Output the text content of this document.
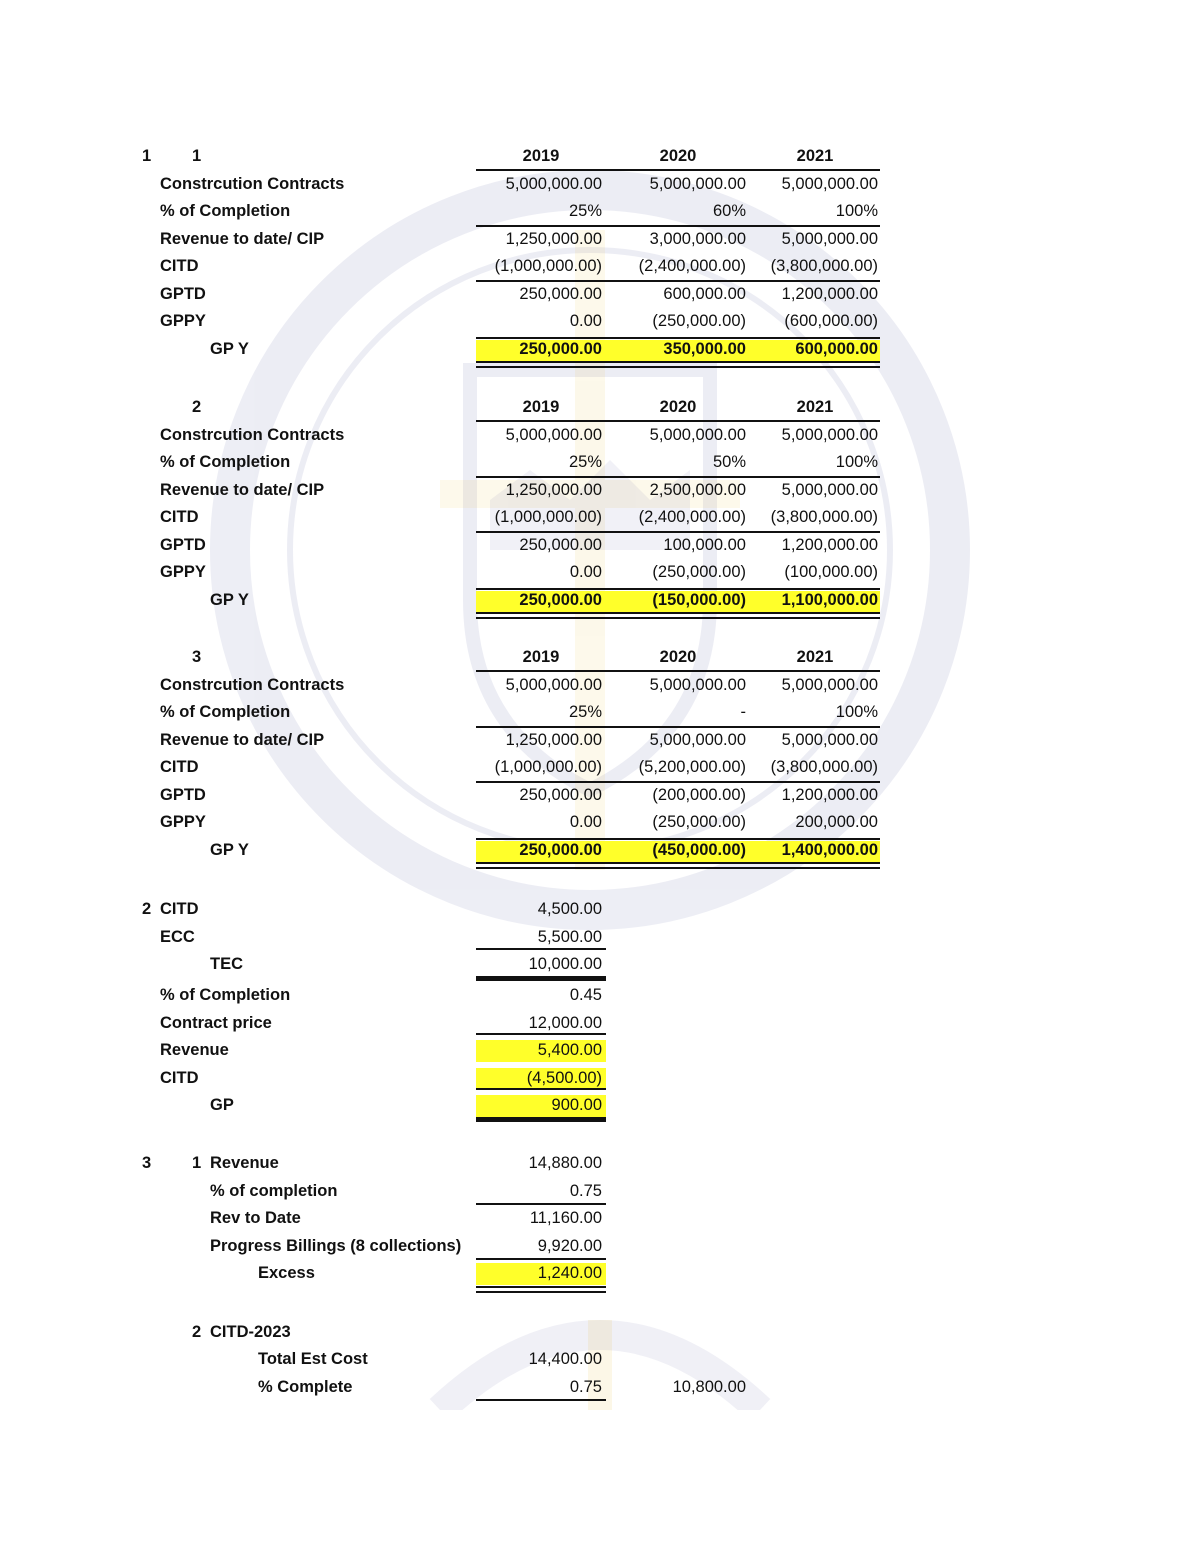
1 1	2019	2020	2021
Constrcution Contracts	5,000,000.00	5,000,000.00	5,000,000.00
% of Completion	25%	60%	100%
Revenue to date/ CIP	1,250,000.00	3,000,000.00	5,000,000.00
CITD	(1,000,000.00)	(2,400,000.00)	(3,800,000.00)
GPTD	250,000.00	600,000.00	1,200,000.00
GPPY	0.00	(250,000.00)	(600,000.00)
GP Y	250,000.00	350,000.00	600,000.00
2	2019	2020	2021
Constrcution Contracts	5,000,000.00	5,000,000.00	5,000,000.00
% of Completion	25%	50%	100%
Revenue to date/ CIP	1,250,000.00	2,500,000.00	5,000,000.00
CITD	(1,000,000.00)	(2,400,000.00)	(3,800,000.00)
GPTD	250,000.00	100,000.00	1,200,000.00
GPPY	0.00	(250,000.00)	(100,000.00)
GP Y	250,000.00	(150,000.00)	1,100,000.00
3	2019	2020	2021
Constrcution Contracts	5,000,000.00	5,000,000.00	5,000,000.00
% of Completion	25%	-	100%
Revenue to date/ CIP	1,250,000.00	5,000,000.00	5,000,000.00
CITD	(1,000,000.00)	(5,200,000.00)	(3,800,000.00)
GPTD	250,000.00	(200,000.00)	1,200,000.00
GPPY	0.00	(250,000.00)	200,000.00
GP Y	250,000.00	(450,000.00)	1,400,000.00
2 CITD	4,500.00
ECC	5,500.00
TEC	10,000.00
% of Completion	0.45
Contract price	12,000.00
Revenue	5,400.00
CITD	(4,500.00)
GP	900.00
3 1 Revenue	14,880.00
% of completion	0.75
Rev to Date	11,160.00
Progress Billings (8 collections)	9,920.00
Excess	1,240.00
2 CITD-2023
Total Est Cost	14,400.00
% Complete	0.75	10,800.00
